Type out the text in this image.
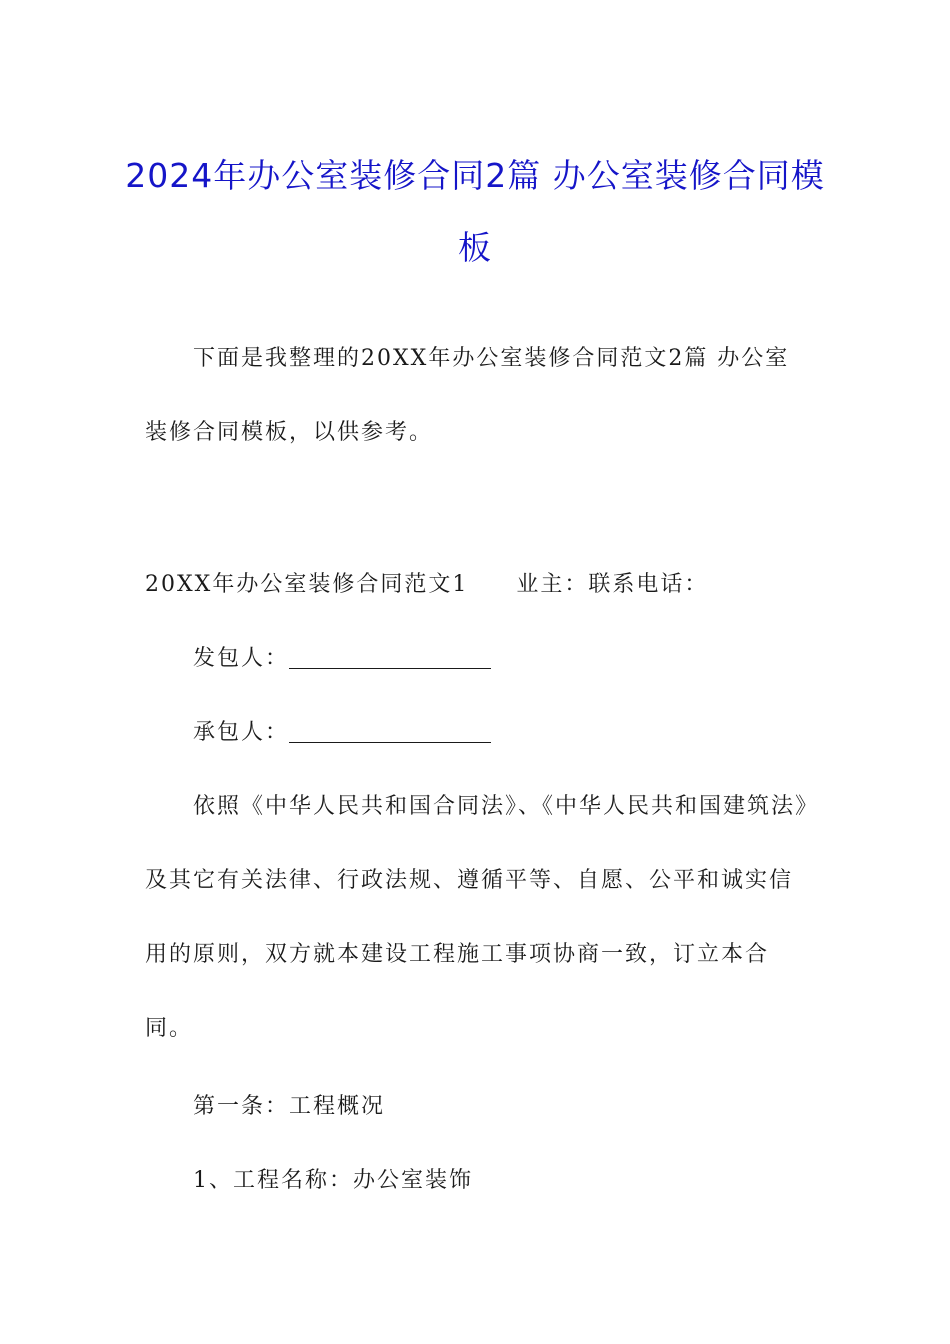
2024年办公室装修合同2篇 办公室装修合同模板

下面是我整理的20XX年办公室装修合同范文2篇 办公室装修合同模板，以供参考。

20XX年办公室装修合同范文1 业主：联系电话：

发包人：

承包人：

依照《中华人民共和国合同法》、《中华人民共和国建筑法》及其它有关法律、行政法规、遵循平等、自愿、公平和诚实信用的原则，双方就本建设工程施工事项协商一致，订立本合同。

第一条：工程概况

1、工程名称：办公室装饰
